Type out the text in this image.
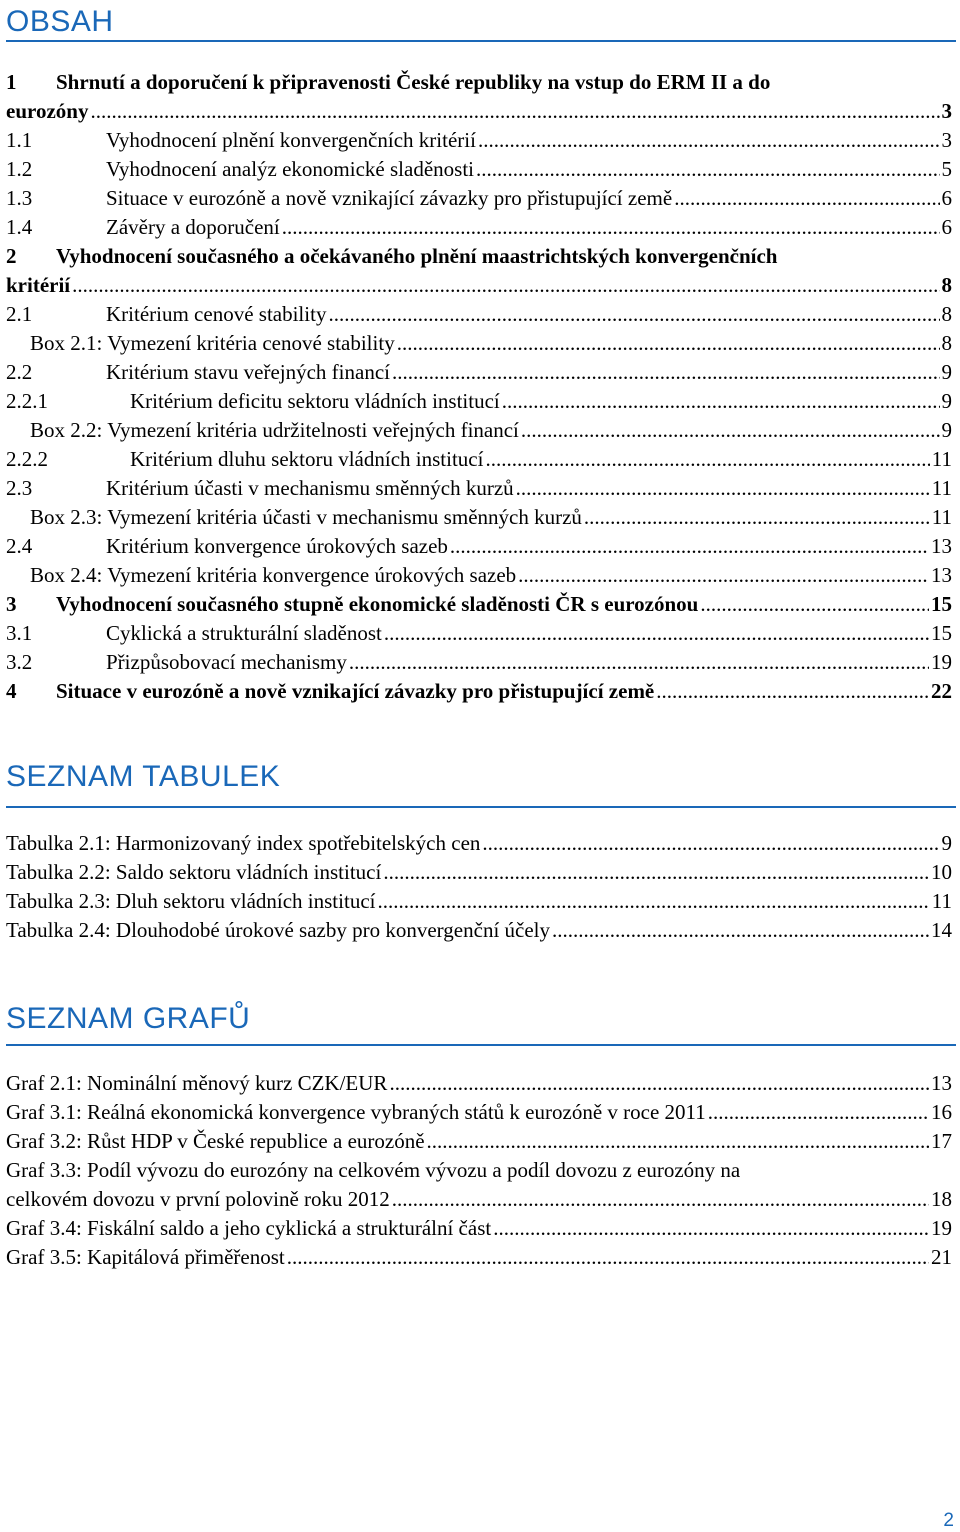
OBSAH
1 Shrnutí a doporučení k připravenosti České republiky na vstup do ERM II a do
eurozóny .....	3
1.1	Vyhodnocení plnění konvergenčních kritérií .....	3
1.2	Vyhodnocení analýz ekonomické sladěnosti .....	5
1.3	Situace v eurozóně a nově vznikající závazky pro přistupující země .....	6
1.4	Závěry a doporučení .....	6
2 Vyhodnocení současného a očekávaného plnění maastrichtských konvergenčních
kritérií .....	8
2.1	Kritérium cenové stability .....	8
Box 2.1: Vymezení kritéria cenové stability .....	8
2.2	Kritérium stavu veřejných financí .....	9
2.2.1	Kritérium deficitu sektoru vládních institucí .....	9
Box 2.2: Vymezení kritéria udržitelnosti veřejných financí .....	9
2.2.2	Kritérium dluhu sektoru vládních institucí .....	11
2.3	Kritérium účasti v mechanismu směnných kurzů .....	11
Box 2.3: Vymezení kritéria účasti v mechanismu směnných kurzů .....	11
2.4	Kritérium konvergence úrokových sazeb .....	13
Box 2.4: Vymezení kritéria konvergence úrokových sazeb .....	13
3 Vyhodnocení současného stupně ekonomické sladěnosti ČR s eurozónou .....	15
3.1	Cyklická a strukturální sladěnost .....	15
3.2	Přizpůsobovací mechanismy .....	19
4 Situace v eurozóně a nově vznikající závazky pro přistupující země .....	22
SEZNAM TABULEK
Tabulka 2.1: Harmonizovaný index spotřebitelských cen .....	9
Tabulka 2.2: Saldo sektoru vládních institucí .....	10
Tabulka 2.3: Dluh sektoru vládních institucí .....	11
Tabulka 2.4: Dlouhodobé úrokové sazby pro konvergenční účely .....	14
SEZNAM GRAFŮ
Graf 2.1: Nominální měnový kurz CZK/EUR .....	13
Graf 3.1: Reálná ekonomická konvergence vybraných států k eurozóně v roce 2011 .....	16
Graf 3.2: Růst HDP v České republice a eurozóně .....	17
Graf 3.3: Podíl vývozu do eurozóny na celkovém vývozu a podíl dovozu z eurozóny na
celkovém dovozu v první polovině roku 2012 .....	18
Graf 3.4: Fiskální saldo a jeho cyklická a strukturální část .....	19
Graf 3.5: Kapitálová přiměřenost .....	21
2
